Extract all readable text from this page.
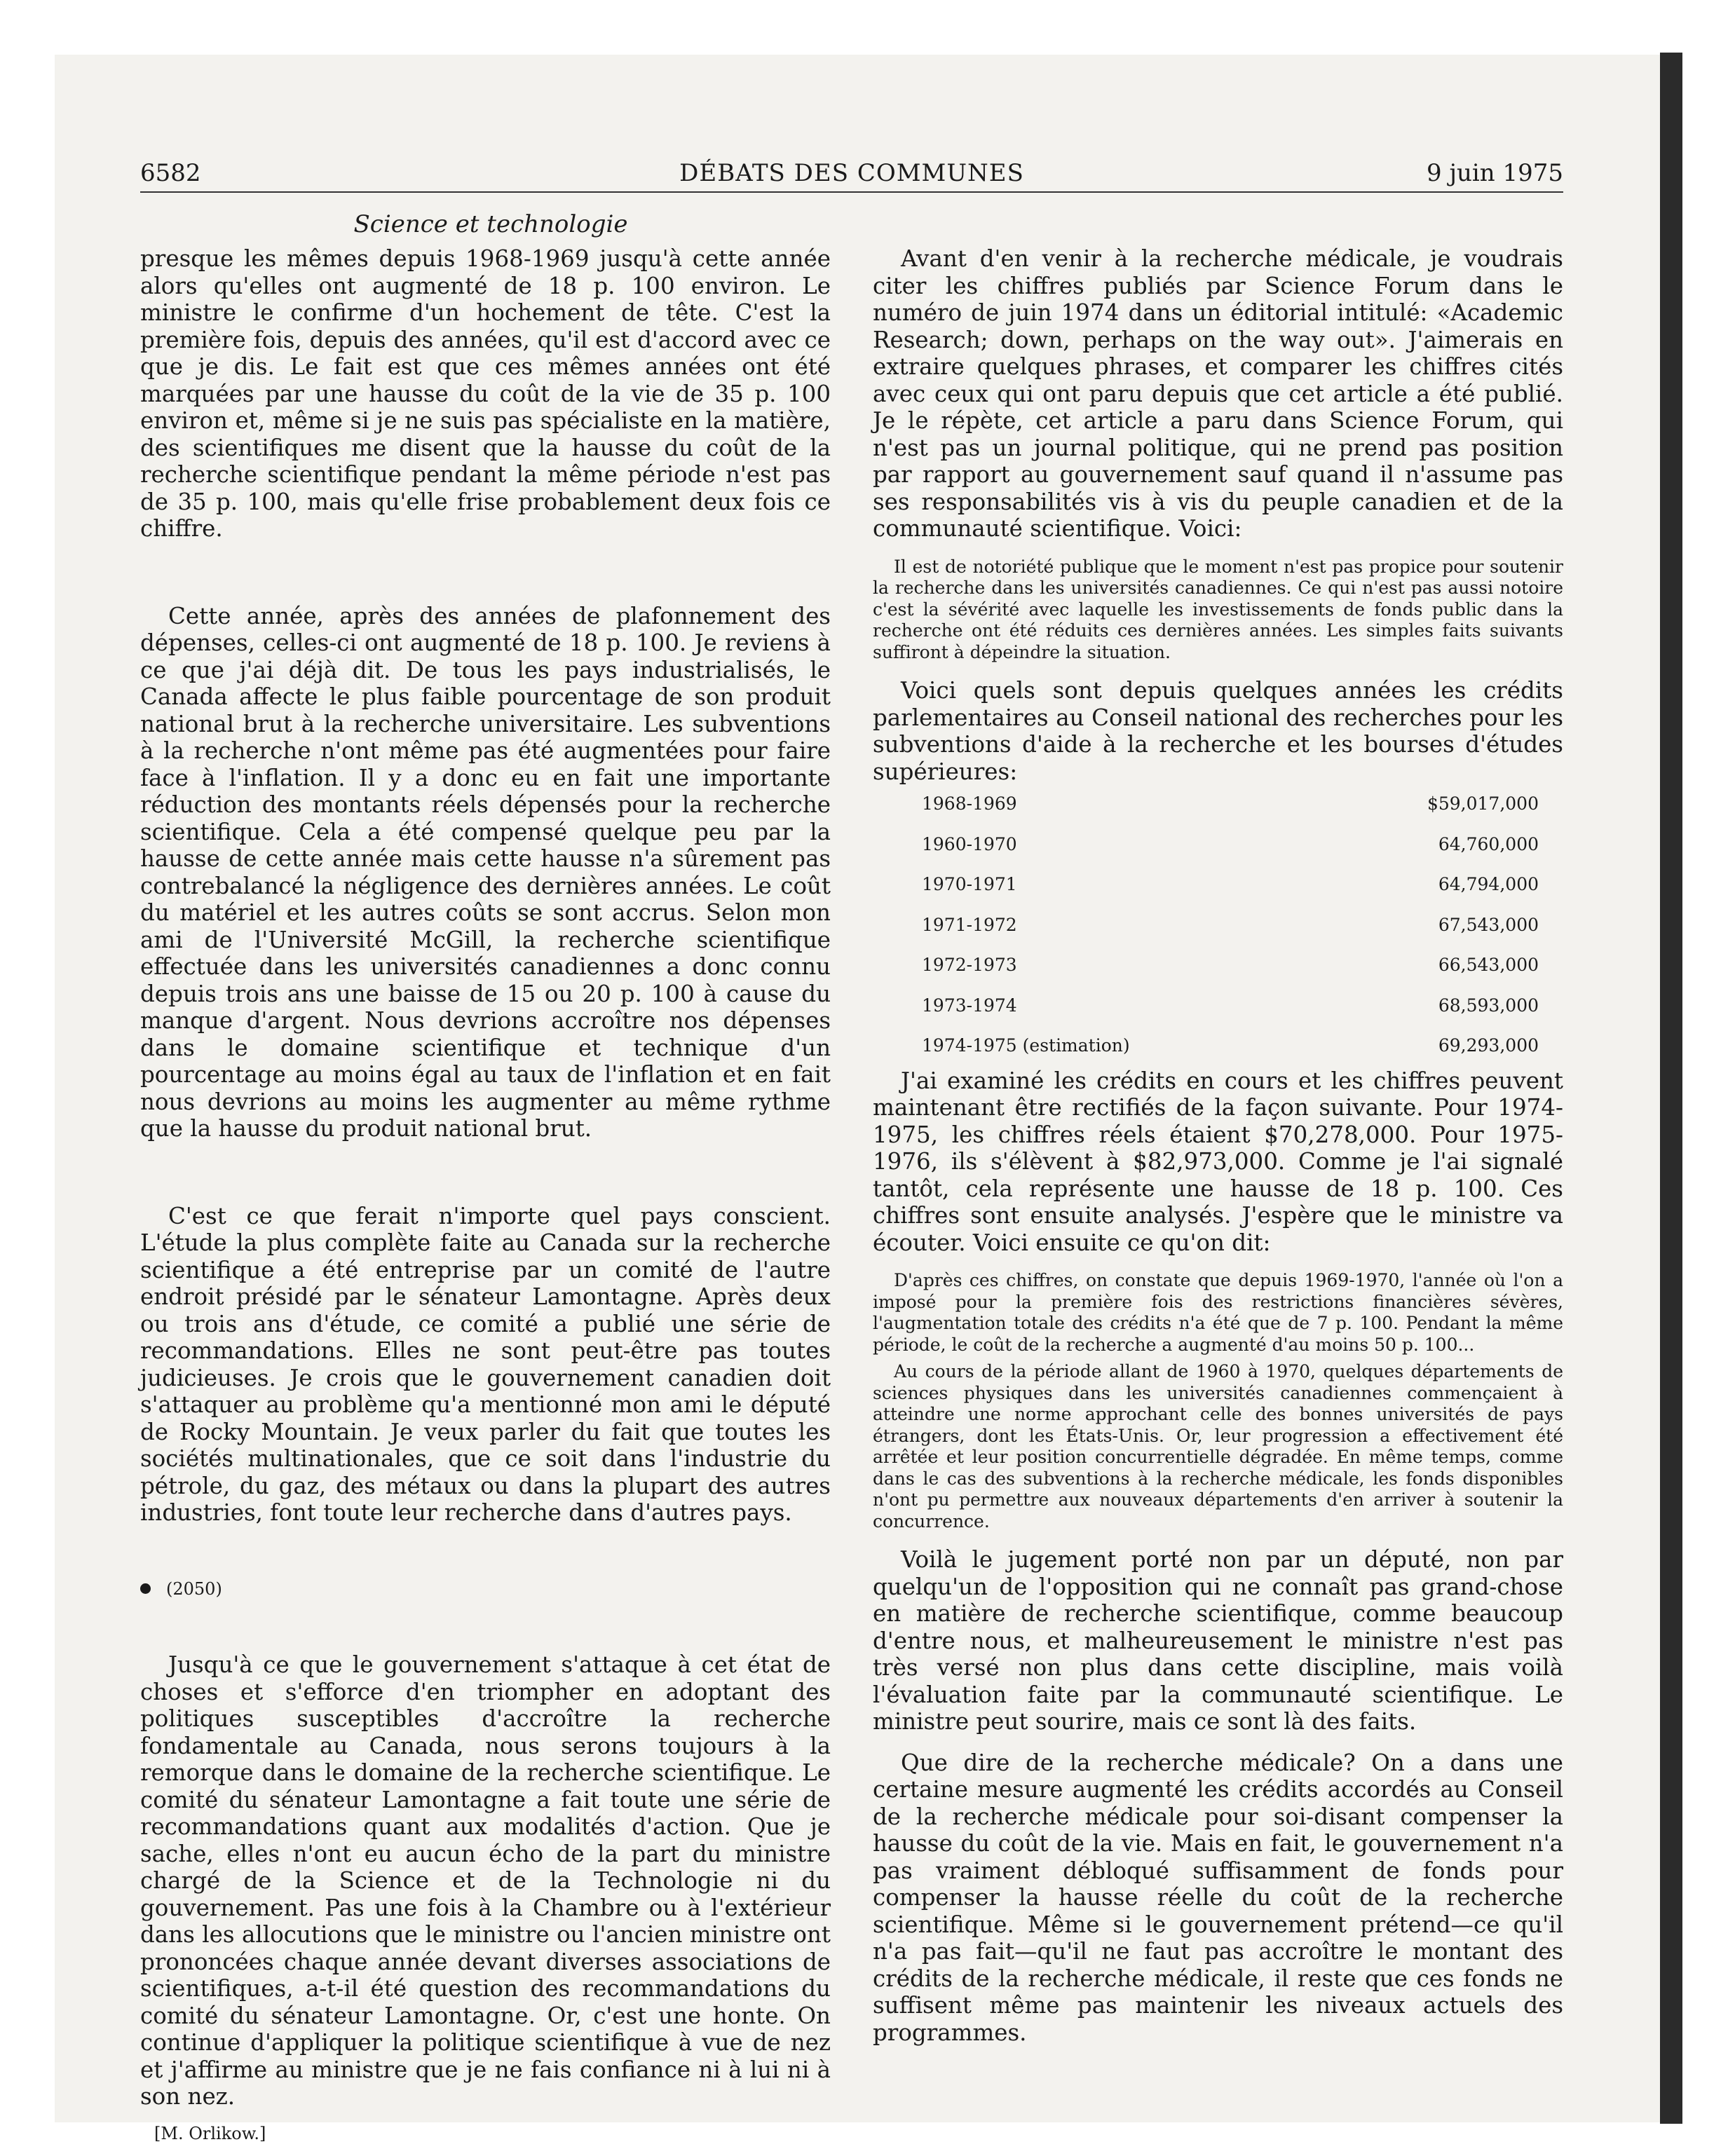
6582	DÉBATS DES COMMUNES	9 juin 1975
Science et technologie

presque les mêmes depuis 1968-1969 jusqu'à cette année alors qu'elles ont augmenté de 18 p. 100 environ. Le ministre le confirme d'un hochement de tête. C'est la première fois, depuis des années, qu'il est d'accord avec ce que je dis. Le fait est que ces mêmes années ont été marquées par une hausse du coût de la vie de 35 p. 100 environ et, même si je ne suis pas spécialiste en la matière, des scientifiques me disent que la hausse du coût de la recherche scientifique pendant la même période n'est pas de 35 p. 100, mais qu'elle frise probablement deux fois ce chiffre.

Cette année, après des années de plafonnement des dépenses, celles-ci ont augmenté de 18 p. 100. Je reviens à ce que j'ai déjà dit. De tous les pays industrialisés, le Canada affecte le plus faible pourcentage de son produit national brut à la recherche universitaire. Les subventions à la recherche n'ont même pas été augmentées pour faire face à l'inflation. Il y a donc eu en fait une importante réduction des montants réels dépensés pour la recherche scientifique. Cela a été compensé quelque peu par la hausse de cette année mais cette hausse n'a sûrement pas contrebalancé la négligence des dernières années. Le coût du matériel et les autres coûts se sont accrus. Selon mon ami de l'Université McGill, la recherche scientifique effectuée dans les universités canadiennes a donc connu depuis trois ans une baisse de 15 ou 20 p. 100 à cause du manque d'argent. Nous devrions accroître nos dépenses dans le domaine scientifique et technique d'un pourcentage au moins égal au taux de l'inflation et en fait nous devrions au moins les augmenter au même rythme que la hausse du produit national brut.

C'est ce que ferait n'importe quel pays conscient. L'étude la plus complète faite au Canada sur la recherche scientifique a été entreprise par un comité de l'autre endroit présidé par le sénateur Lamontagne. Après deux ou trois ans d'étude, ce comité a publié une série de recommandations. Elles ne sont peut-être pas toutes judicieuses. Je crois que le gouvernement canadien doit s'attaquer au problème qu'a mentionné mon ami le député de Rocky Mountain. Je veux parler du fait que toutes les sociétés multinationales, que ce soit dans l'industrie du pétrole, du gaz, des métaux ou dans la plupart des autres industries, font toute leur recherche dans d'autres pays.

(2050)

Jusqu'à ce que le gouvernement s'attaque à cet état de choses et s'efforce d'en triompher en adoptant des politiques susceptibles d'accroître la recherche fondamentale au Canada, nous serons toujours à la remorque dans le domaine de la recherche scientifique. Le comité du sénateur Lamontagne a fait toute une série de recommandations quant aux modalités d'action. Que je sache, elles n'ont eu aucun écho de la part du ministre chargé de la Science et de la Technologie ni du gouvernement. Pas une fois à la Chambre ou à l'extérieur dans les allocutions que le ministre ou l'ancien ministre ont prononcées chaque année devant diverses associations de scientifiques, a-t-il été question des recommandations du comité du sénateur Lamontagne. Or, c'est une honte. On continue d'appliquer la politique scientifique à vue de nez et j'affirme au ministre que je ne fais confiance ni à lui ni à son nez.

[M. Orlikow.]

Avant d'en venir à la recherche médicale, je voudrais citer les chiffres publiés par Science Forum dans le numéro de juin 1974 dans un éditorial intitulé: «Academic Research; down, perhaps on the way out». J'aimerais en extraire quelques phrases, et comparer les chiffres cités avec ceux qui ont paru depuis que cet article a été publié. Je le répète, cet article a paru dans Science Forum, qui n'est pas un journal politique, qui ne prend pas position par rapport au gouvernement sauf quand il n'assume pas ses responsabilités vis à vis du peuple canadien et de la communauté scientifique. Voici:

Il est de notoriété publique que le moment n'est pas propice pour soutenir la recherche dans les universités canadiennes. Ce qui n'est pas aussi notoire c'est la sévérité avec laquelle les investissements de fonds public dans la recherche ont été réduits ces dernières années. Les simples faits suivants suffiront à dépeindre la situation.

Voici quels sont depuis quelques années les crédits parlementaires au Conseil national des recherches pour les subventions d'aide à la recherche et les bourses d'études supérieures:

1968-1969	$59,017,000
1960-1970	64,760,000
1970-1971	64,794,000
1971-1972	67,543,000
1972-1973	66,543,000
1973-1974	68,593,000
1974-1975 (estimation)	69,293,000

J'ai examiné les crédits en cours et les chiffres peuvent maintenant être rectifiés de la façon suivante. Pour 1974-1975, les chiffres réels étaient $70,278,000. Pour 1975-1976, ils s'élèvent à $82,973,000. Comme je l'ai signalé tantôt, cela représente une hausse de 18 p. 100. Ces chiffres sont ensuite analysés. J'espère que le ministre va écouter. Voici ensuite ce qu'on dit:

D'après ces chiffres, on constate que depuis 1969-1970, l'année où l'on a imposé pour la première fois des restrictions financières sévères, l'augmentation totale des crédits n'a été que de 7 p. 100. Pendant la même période, le coût de la recherche a augmenté d'au moins 50 p. 100...

Au cours de la période allant de 1960 à 1970, quelques départements de sciences physiques dans les universités canadiennes commençaient à atteindre une norme approchant celle des bonnes universités de pays étrangers, dont les États-Unis. Or, leur progression a effectivement été arrêtée et leur position concurrentielle dégradée. En même temps, comme dans le cas des subventions à la recherche médicale, les fonds disponibles n'ont pu permettre aux nouveaux départements d'en arriver à soutenir la concurrence.

Voilà le jugement porté non par un député, non par quelqu'un de l'opposition qui ne connaît pas grand-chose en matière de recherche scientifique, comme beaucoup d'entre nous, et malheureusement le ministre n'est pas très versé non plus dans cette discipline, mais voilà l'évaluation faite par la communauté scientifique. Le ministre peut sourire, mais ce sont là des faits.

Que dire de la recherche médicale? On a dans une certaine mesure augmenté les crédits accordés au Conseil de la recherche médicale pour soi-disant compenser la hausse du coût de la vie. Mais en fait, le gouvernement n'a pas vraiment débloqué suffisamment de fonds pour compenser la hausse réelle du coût de la recherche scientifique. Même si le gouvernement prétend—ce qu'il n'a pas fait—qu'il ne faut pas accroître le montant des crédits de la recherche médicale, il reste que ces fonds ne suffisent même pas maintenir les niveaux actuels des programmes.
